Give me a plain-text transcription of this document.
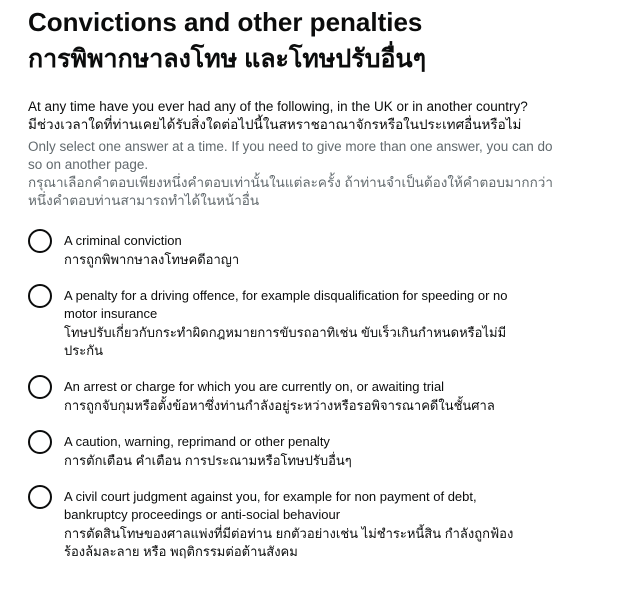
Convictions and other penalties
การพิพากษาลงโทษ และโทษปรับอื่นๆ
At any time have you ever had any of the following, in the UK or in another country?
มีช่วงเวลาใดที่ท่านเคยได้รับสิ่งใดต่อไปนี้ในสหราชอาณาจักรหรือในประเทศอื่นหรือไม่
Only select one answer at a time. If you need to give more than one answer, you can do so on another page.
กรุณาเลือกคำตอบเพียงหนึ่งคำตอบเท่านั้นในแต่ละครั้ง ถ้าท่านจำเป็นต้องให้คำตอบมากกว่าหนึ่งคำตอบท่านสามารถทำได้ในหน้าอื่น
A criminal conviction
การถูกพิพากษาลงโทษคดีอาญา
A penalty for a driving offence, for example disqualification for speeding or no motor insurance
โทษปรับเกี่ยวกับกระทำผิดกฎหมายการขับรถอาทิเช่น ขับเร็วเกินกำหนดหรือไม่มีประกัน
An arrest or charge for which you are currently on, or awaiting trial
การถูกจับกุมหรือตั้งข้อหาซึ่งท่านกำลังอยู่ระหว่างหรือรอพิจารณาคดีในชั้นศาล
A caution, warning, reprimand or other penalty
การตักเตือน คำเตือน การประณามหรือโทษปรับอื่นๆ
A civil court judgment against you, for example for non payment of debt, bankruptcy proceedings or anti-social behaviour
การตัดสินโทษของศาลแพ่งที่มีต่อท่าน ยกตัวอย่างเช่น ไม่ชำระหนี้สิน กำลังถูกฟ้องร้องล้มละลาย หรือ พฤติกรรมต่อต้านสังคม
